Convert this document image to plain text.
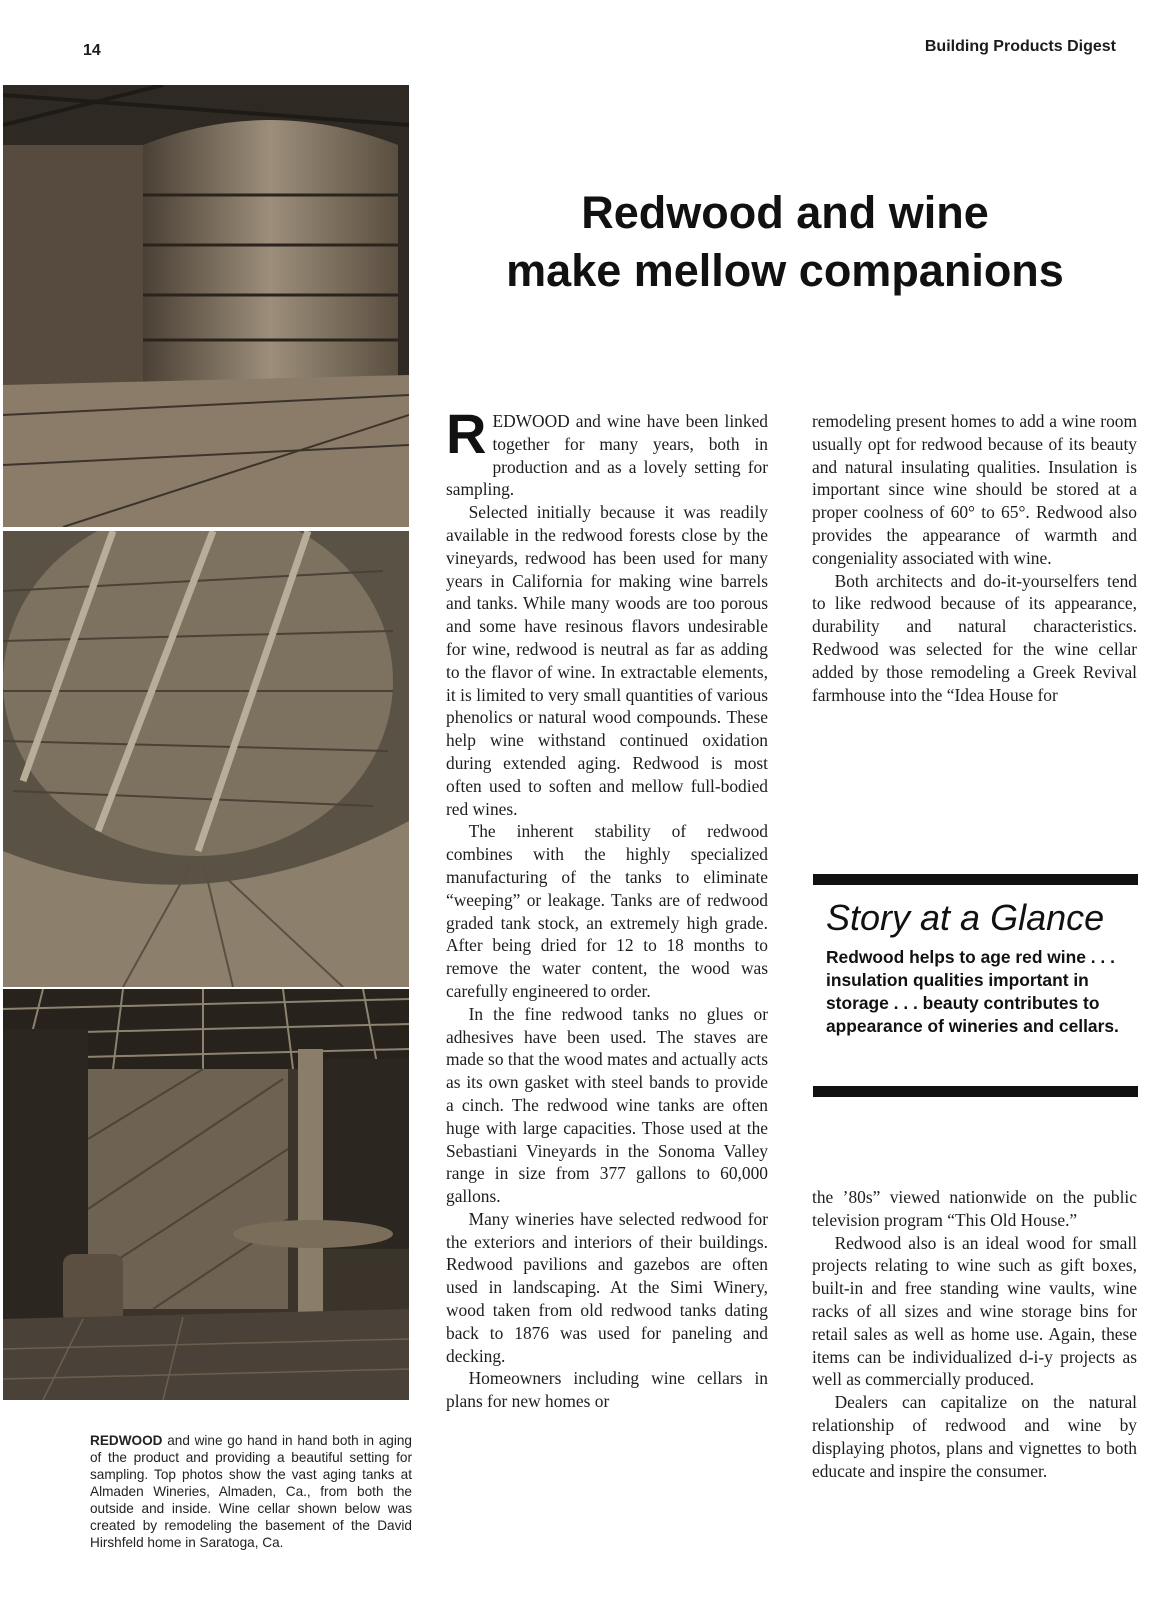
14	Building Products Digest
REDWOOD and wine go hand in hand both in aging of the product and providing a beautiful setting for sampling. Top photos show the vast aging tanks at Almaden Wineries, Almaden, Ca., from both the outside and inside. Wine cellar shown below was created by remodeling the basement of the David Hirshfeld home in Saratoga, Ca.
Redwood and wine
make mellow companions

REDWOOD and wine have been linked together for many years, both in production and as a lovely setting for sampling.

Selected initially because it was readily available in the redwood forests close by the vineyards, redwood has been used for many years in California for making wine barrels and tanks. While many woods are too porous and some have resinous flavors undesirable for wine, redwood is neutral as far as adding to the flavor of wine. In extractable elements, it is limited to very small quantities of various phenolics or natural wood compounds. These help wine withstand continued oxidation during extended aging. Redwood is most often used to soften and mellow full-bodied red wines.

The inherent stability of redwood combines with the highly specialized manufacturing of the tanks to eliminate “weeping” or leakage. Tanks are of redwood graded tank stock, an extremely high grade. After being dried for 12 to 18 months to remove the water content, the wood was carefully engineered to order.

In the fine redwood tanks no glues or adhesives have been used. The staves are made so that the wood mates and actually acts as its own gasket with steel bands to provide a cinch. The redwood wine tanks are often huge with large capacities. Those used at the Sebastiani Vineyards in the Sonoma Valley range in size from 377 gallons to 60,000 gallons.

Many wineries have selected redwood for the exteriors and interiors of their buildings. Redwood pavilions and gazebos are often used in landscaping. At the Simi Winery, wood taken from old redwood tanks dating back to 1876 was used for paneling and decking.

Homeowners including wine cellars in plans for new homes or

remodeling present homes to add a wine room usually opt for redwood because of its beauty and natural insulating qualities. Insulation is important since wine should be stored at a proper coolness of 60° to 65°. Redwood also provides the appearance of warmth and congeniality associated with wine.

Both architects and do-it-yourselfers tend to like redwood because of its appearance, durability and natural characteristics. Redwood was selected for the wine cellar added by those remodeling a Greek Revival farmhouse into the “Idea House for

Story at a Glance
Redwood helps to age red wine . . . insulation qualities important in storage . . . beauty contributes to appearance of wineries and cellars.

the ’80s” viewed nationwide on the public television program “This Old House.”

Redwood also is an ideal wood for small projects relating to wine such as gift boxes, built-in and free standing wine vaults, wine racks of all sizes and wine storage bins for retail sales as well as home use. Again, these items can be individualized d-i-y projects as well as commercially produced.

Dealers can capitalize on the natural relationship of redwood and wine by displaying photos, plans and vignettes to both educate and inspire the consumer.
